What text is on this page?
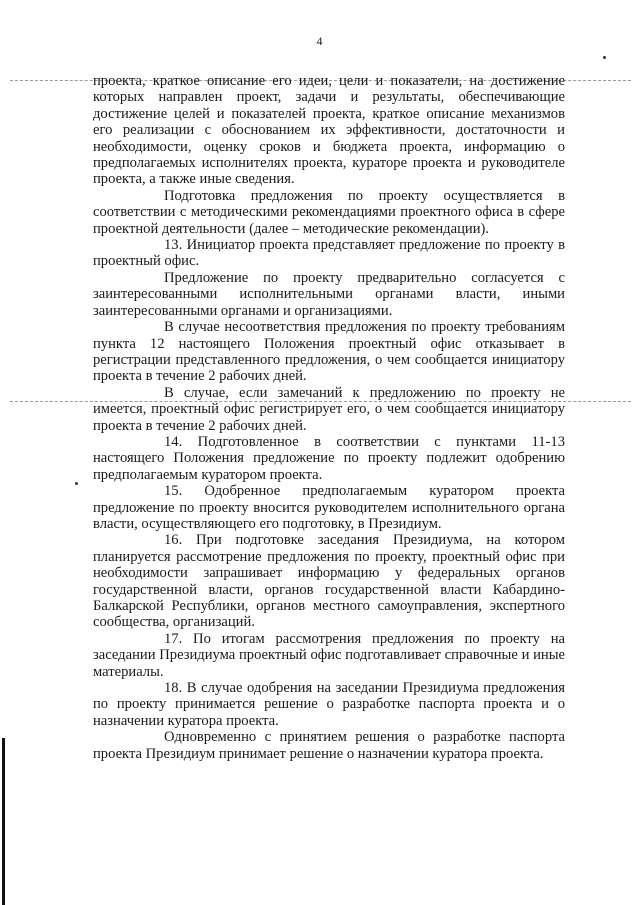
4

проекта, краткое описание его идеи, цели и показатели, на достижение которых направлен проект, задачи и результаты, обеспечивающие достижение целей и показателей проекта, краткое описание механизмов его реализации с обоснованием их эффективности, достаточности и необходимости, оценку сроков и бюджета проекта, информацию о предполагаемых исполнителях проекта, кураторе проекта и руководителе проекта, а также иные сведения.

Подготовка предложения по проекту осуществляется в соответствии с методическими рекомендациями проектного офиса в сфере проектной деятельности (далее – методические рекомендации).

13. Инициатор проекта представляет предложение по проекту в проектный офис.

Предложение по проекту предварительно согласуется с заинтересованными исполнительными органами власти, иными заинтересованными органами и организациями.

В случае несоответствия предложения по проекту требованиям пункта 12 настоящего Положения проектный офис отказывает в регистрации представленного предложения, о чем сообщается инициатору проекта в течение 2 рабочих дней.

В случае, если замечаний к предложению по проекту не имеется, проектный офис регистрирует его, о чем сообщается инициатору проекта в течение 2 рабочих дней.

14. Подготовленное в соответствии с пунктами 11-13 настоящего Положения предложение по проекту подлежит одобрению предполагаемым куратором проекта.

15. Одобренное предполагаемым куратором проекта предложение по проекту вносится руководителем исполнительного органа власти, осуществляющего его подготовку, в Президиум.

16. При подготовке заседания Президиума, на котором планируется рассмотрение предложения по проекту, проектный офис при необходимости запрашивает информацию у федеральных органов государственной власти, органов государственной власти Кабардино-Балкарской Республики, органов местного самоуправления, экспертного сообщества, организаций.

17. По итогам рассмотрения предложения по проекту на заседании Президиума проектный офис подготавливает справочные и иные материалы.

18. В случае одобрения на заседании Президиума предложения по проекту принимается решение о разработке паспорта проекта и о назначении куратора проекта.

Одновременно с принятием решения о разработке паспорта проекта Президиум принимает решение о назначении куратора проекта.
